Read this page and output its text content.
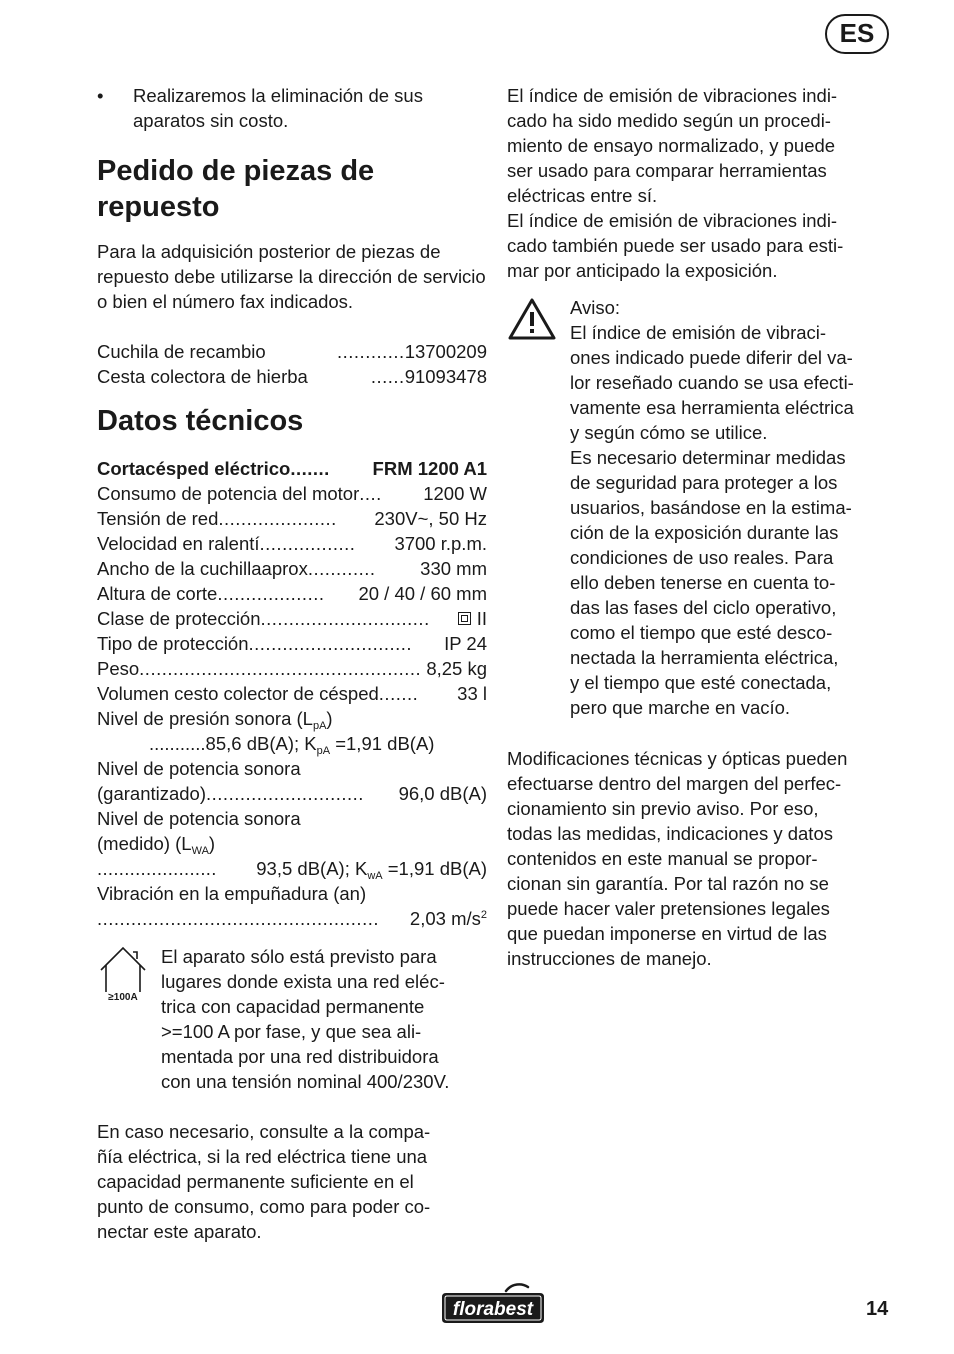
ES
•	Realizaremos la eliminación de sus aparatos sin costo.
Pedido de piezas de
repuesto

Para la adquisición posterior de piezas de repuesto debe utilizarse la dirección de servicio o bien el número fax indicados.

Cuchila de recambio	............ 13700209
Cesta colectora de hierba	...... 91093478
Datos técnicos
Cortacésped eléctrico .......	FRM 1200 A1
Consumo de potencia del motor ....	1200 W
Tensión de red .....................	230V~, 50 Hz
Velocidad en ralentí .................	3700 r.p.m.
Ancho de la cuchillaaprox ............	330 mm
Altura de corte ...................	20 / 40 / 60 mm
Clase de protección ..............................	II
Tipo de protección .............................	IP 24
Peso .................................................. 8,25 kg
Volumen cesto colector de césped .......	33 l
Nivel de presión sonora $(L_{pA})$
...........85,6 dB(A); $K_{pA} =1,91$ dB(A)
Nivel de potencia sonora
(garantizado) ............................	96,0 dB(A)
Nivel de potencia sonora
(medido) $(L_{WA})$
...................... 93,5 dB(A); $K_{wA} =1,91$ dB(A)
Vibración en la empuñadura (an)
..................................................	2,03 $m/s^2$
≥100A

El aparato sólo está previsto para

lugares donde exista una red eléc-

trica con capacidad permanente

>=100 A por fase, y que sea ali-

mentada por una red distribuidora

con una tensión nominal 400/230V.

En caso necesario, consulte a la compa-

ñía eléctrica, si la red eléctrica tiene una

capacidad permanente suficiente en el

punto de consumo, como para poder co-

nectar este aparato.

El índice de emisión de vibraciones indi-

cado ha sido medido según un procedi-

miento de ensayo normalizado, y puede

ser usado para comparar herramientas

eléctricas entre sí.

El índice de emisión de vibraciones indi-

cado también puede ser usado para esti-

mar por anticipado la exposición.

Aviso:

El índice de emisión de vibraci-

ones indicado puede diferir del va-

lor reseñado cuando se usa efecti-

vamente esa herramienta eléctrica

y según cómo se utilice.

Es necesario determinar medidas

de seguridad para proteger a los

usuarios, basándose en la estima-

ción de la exposición durante las

condiciones de uso reales. Para

ello deben tenerse en cuenta to-

das las fases del ciclo operativo,

como el tiempo que esté desco-

nectada la herramienta eléctrica,

y el tiempo que esté conectada,

pero que marche en vacío.

Modificaciones técnicas y ópticas pueden

efectuarse dentro del margen del perfec-

cionamiento sin previo aviso. Por eso,

todas las medidas, indicaciones y datos

contenidos en este manual se propor-

cionan sin garantía. Por tal razón no se

puede hacer valer pretensiones legales

que puedan imponerse en virtud de las

instrucciones de manejo.

florabest	14
